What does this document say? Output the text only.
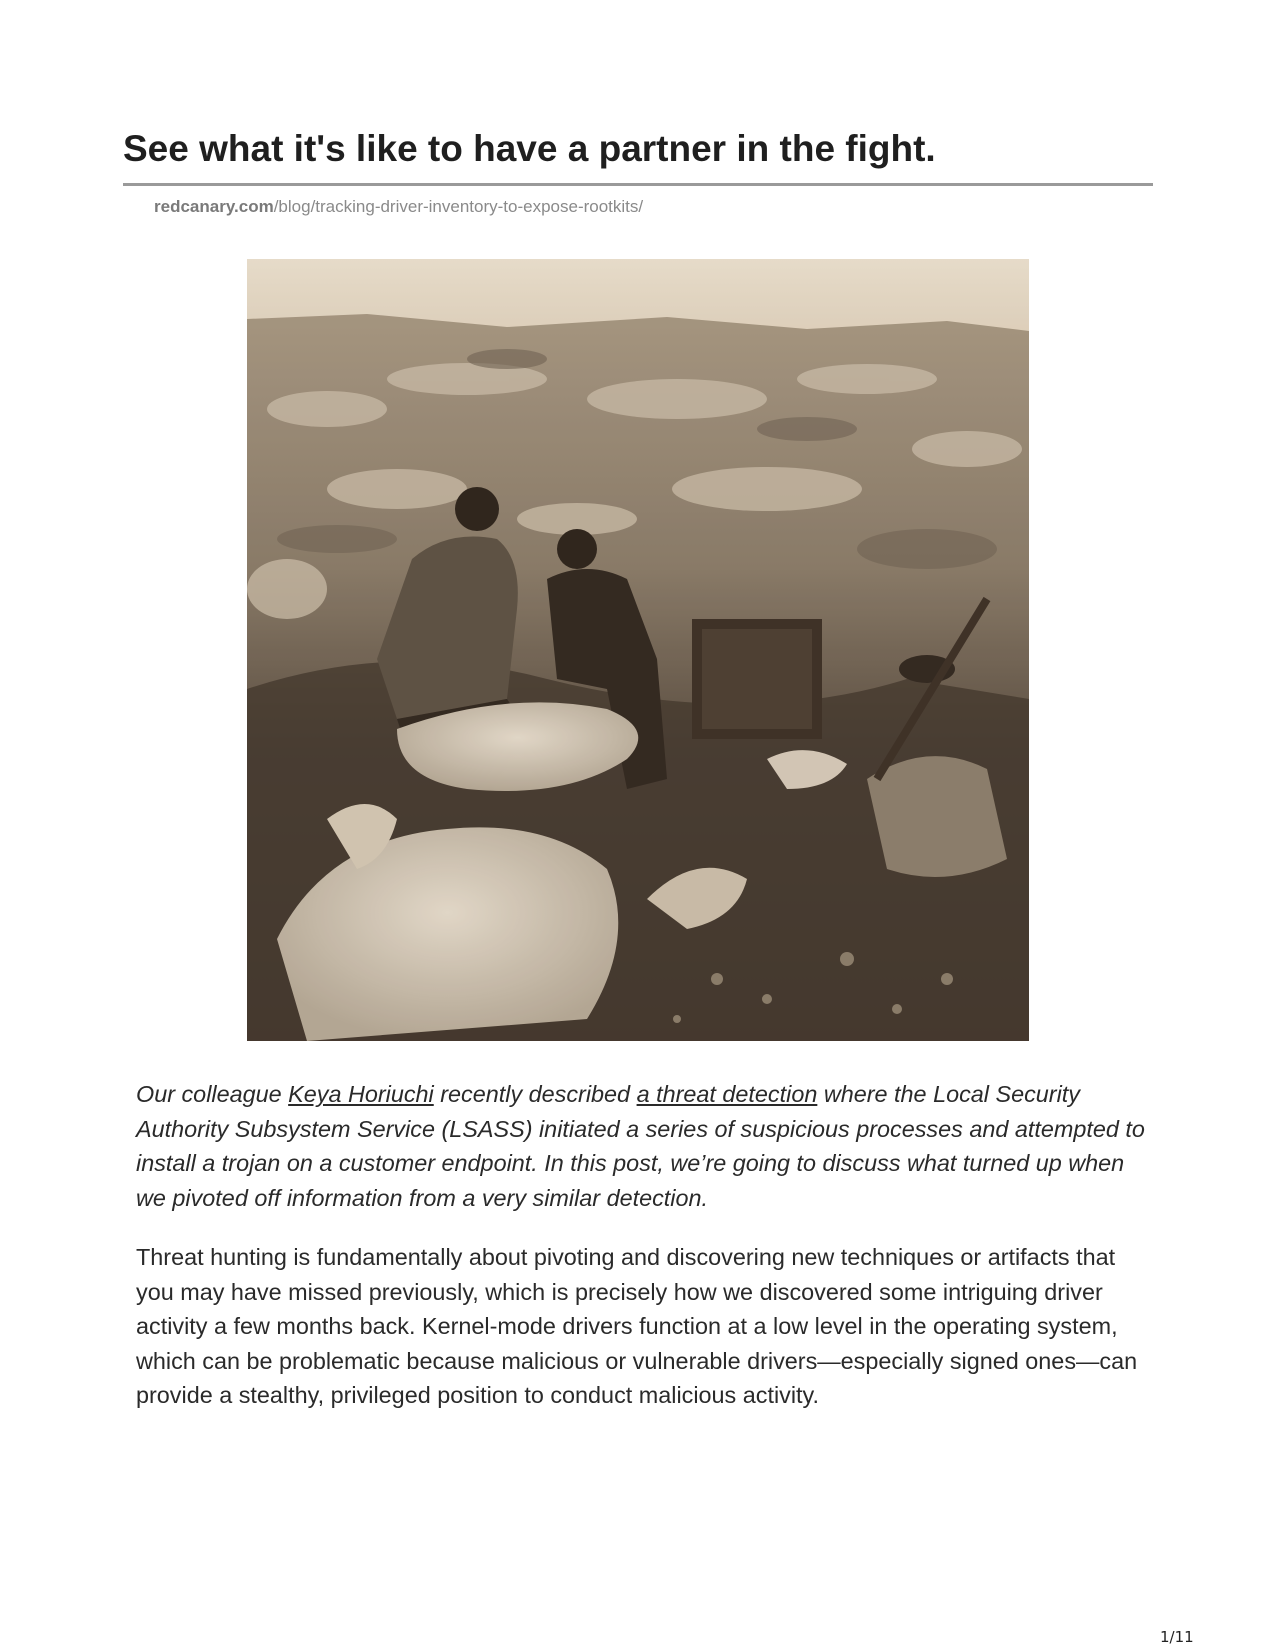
See what it's like to have a partner in the fight.
redcanary.com/blog/tracking-driver-inventory-to-expose-rootkits/

Our colleague Keya Horiuchi recently described a threat detection where the Local Security Authority Subsystem Service (LSASS) initiated a series of suspicious processes and attempted to install a trojan on a customer endpoint. In this post, we’re going to discuss what turned up when we pivoted off information from a very similar detection.

Threat hunting is fundamentally about pivoting and discovering new techniques or artifacts that you may have missed previously, which is precisely how we discovered some intriguing driver activity a few months back. Kernel-mode drivers function at a low level in the operating system, which can be problematic because malicious or vulnerable drivers—especially signed ones—can provide a stealthy, privileged position to conduct malicious activity.

1/11
